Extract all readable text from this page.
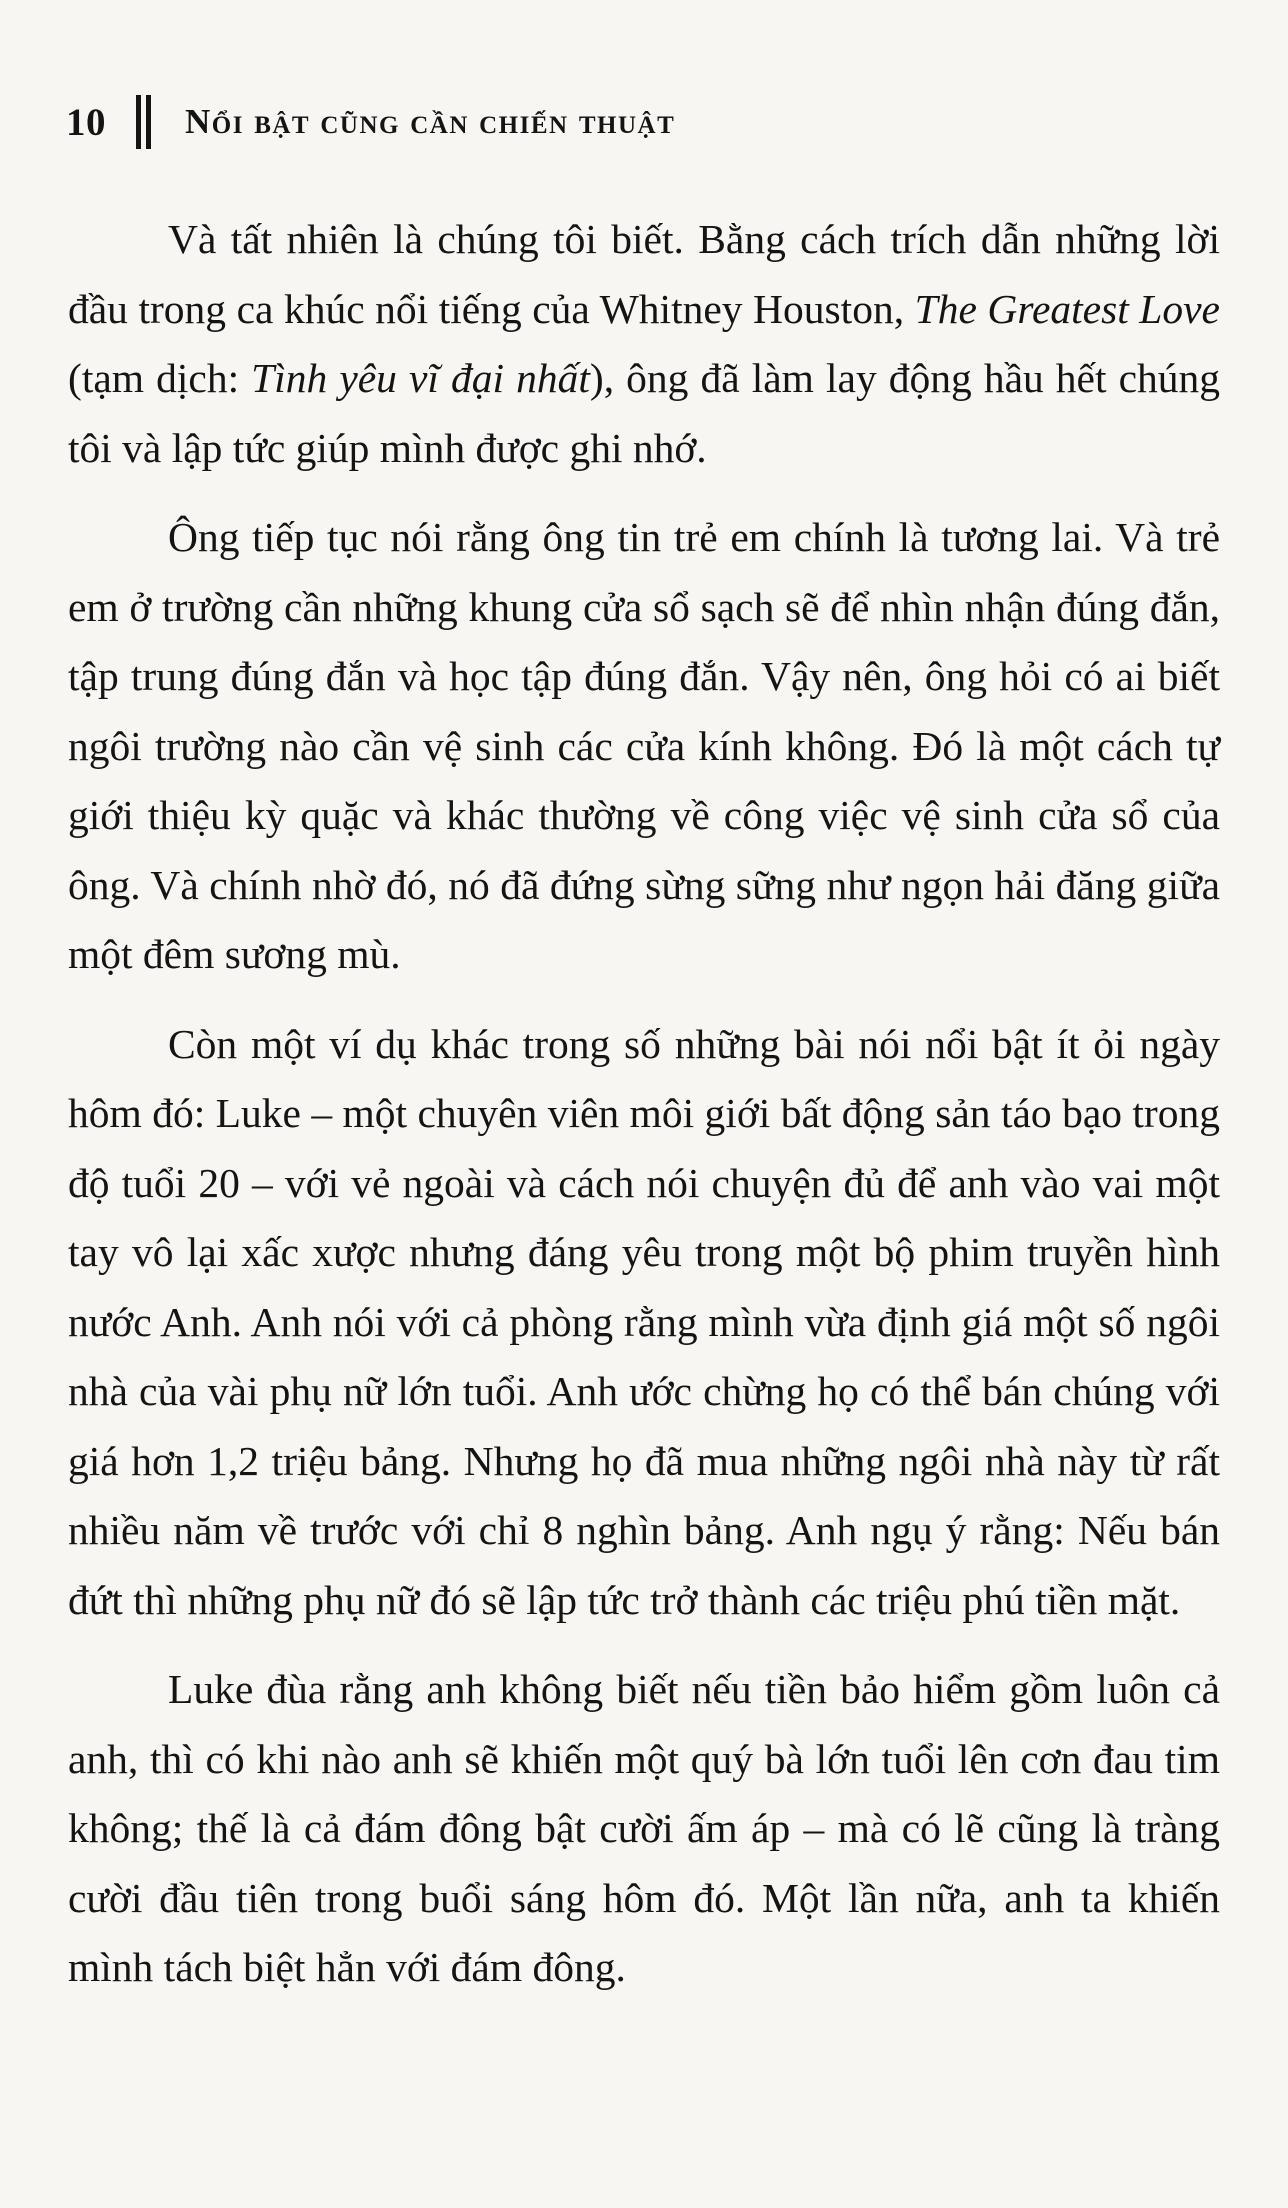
10 Nổi bật cũng cần chiến thuật

Và tất nhiên là chúng tôi biết. Bằng cách trích dẫn những lời đầu trong ca khúc nổi tiếng của Whitney Houston, The Greatest Love (tạm dịch: Tình yêu vĩ đại nhất), ông đã làm lay động hầu hết chúng tôi và lập tức giúp mình được ghi nhớ.

Ông tiếp tục nói rằng ông tin trẻ em chính là tương lai. Và trẻ em ở trường cần những khung cửa sổ sạch sẽ để nhìn nhận đúng đắn, tập trung đúng đắn và học tập đúng đắn. Vậy nên, ông hỏi có ai biết ngôi trường nào cần vệ sinh các cửa kính không. Đó là một cách tự giới thiệu kỳ quặc và khác thường về công việc vệ sinh cửa sổ của ông. Và chính nhờ đó, nó đã đứng sừng sững như ngọn hải đăng giữa một đêm sương mù.

Còn một ví dụ khác trong số những bài nói nổi bật ít ỏi ngày hôm đó: Luke – một chuyên viên môi giới bất động sản táo bạo trong độ tuổi 20 – với vẻ ngoài và cách nói chuyện đủ để anh vào vai một tay vô lại xấc xược nhưng đáng yêu trong một bộ phim truyền hình nước Anh. Anh nói với cả phòng rằng mình vừa định giá một số ngôi nhà của vài phụ nữ lớn tuổi. Anh ước chừng họ có thể bán chúng với giá hơn 1,2 triệu bảng. Nhưng họ đã mua những ngôi nhà này từ rất nhiều năm về trước với chỉ 8 nghìn bảng. Anh ngụ ý rằng: Nếu bán đứt thì những phụ nữ đó sẽ lập tức trở thành các triệu phú tiền mặt.

Luke đùa rằng anh không biết nếu tiền bảo hiểm gồm luôn cả anh, thì có khi nào anh sẽ khiến một quý bà lớn tuổi lên cơn đau tim không; thế là cả đám đông bật cười ấm áp – mà có lẽ cũng là tràng cười đầu tiên trong buổi sáng hôm đó. Một lần nữa, anh ta khiến mình tách biệt hẳn với đám đông.
